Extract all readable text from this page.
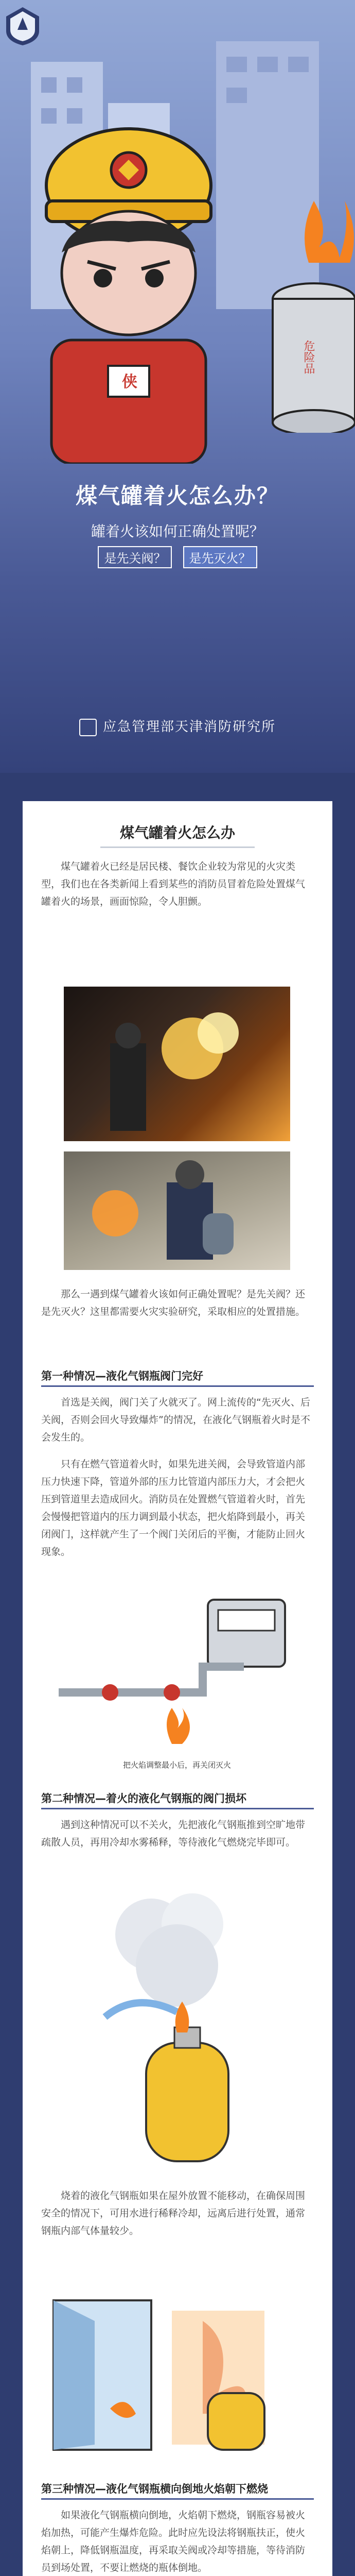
侠
危险品
煤气罐着火怎么办？
罐着火该如何正确处置呢？
是先关阀？ 是先灭火？
应急管理部天津消防研究所
煤气罐着火怎么办

煤气罐着火已经是居民楼、餐饮企业较为常见的火灾类型，我们也在各类新闻上看到某些的消防员冒着危险处置煤气罐着火的场景，画面惊险，令人胆颤。

那么一遇到煤气罐着火该如何正确处置呢？是先关阀？还是先灭火？这里都需要火灾实验研究，采取相应的处置措施。

第一种情况—液化气钢瓶阀门完好

首选是关阀，阀门关了火就灭了。网上流传的“先灭火、后关阀，否则会回火导致爆炸”的情况，在液化气钢瓶着火时是不会发生的。

只有在燃气管道着火时，如果先进关阀，会导致管道内部压力快速下降，管道外部的压力比管道内部压力大，才会把火压到管道里去造成回火。消防员在处置燃气管道着火时，首先会慢慢把管道内的压力调到最小状态，把火焰降到最小，再关闭阀门，这样就产生了一个阀门关闭后的平衡，才能防止回火现象。

把火焰调整最小后，再关闭灭火
第二种情况—着火的液化气钢瓶的阀门损坏

遇到这种情况可以不关火，先把液化气钢瓶推到空旷地带疏散人员，再用冷却水雾稀释，等待液化气燃烧完毕即可。

烧着的液化气钢瓶如果在屋外放置不能移动，在确保周围安全的情况下，可用水进行稀释冷却，远离后进行处置，通常钢瓶内部气体量较少。

第三种情况—液化气钢瓶横向倒地火焰朝下燃烧

如果液化气钢瓶横向倒地，火焰朝下燃烧，钢瓶容易被火焰加热，可能产生爆炸危险。此时应先设法将钢瓶扶正，使火焰朝上，降低钢瓶温度，再采取关阀或冷却等措施，等待消防员到场处置，不要让燃烧的瓶体倒地。
